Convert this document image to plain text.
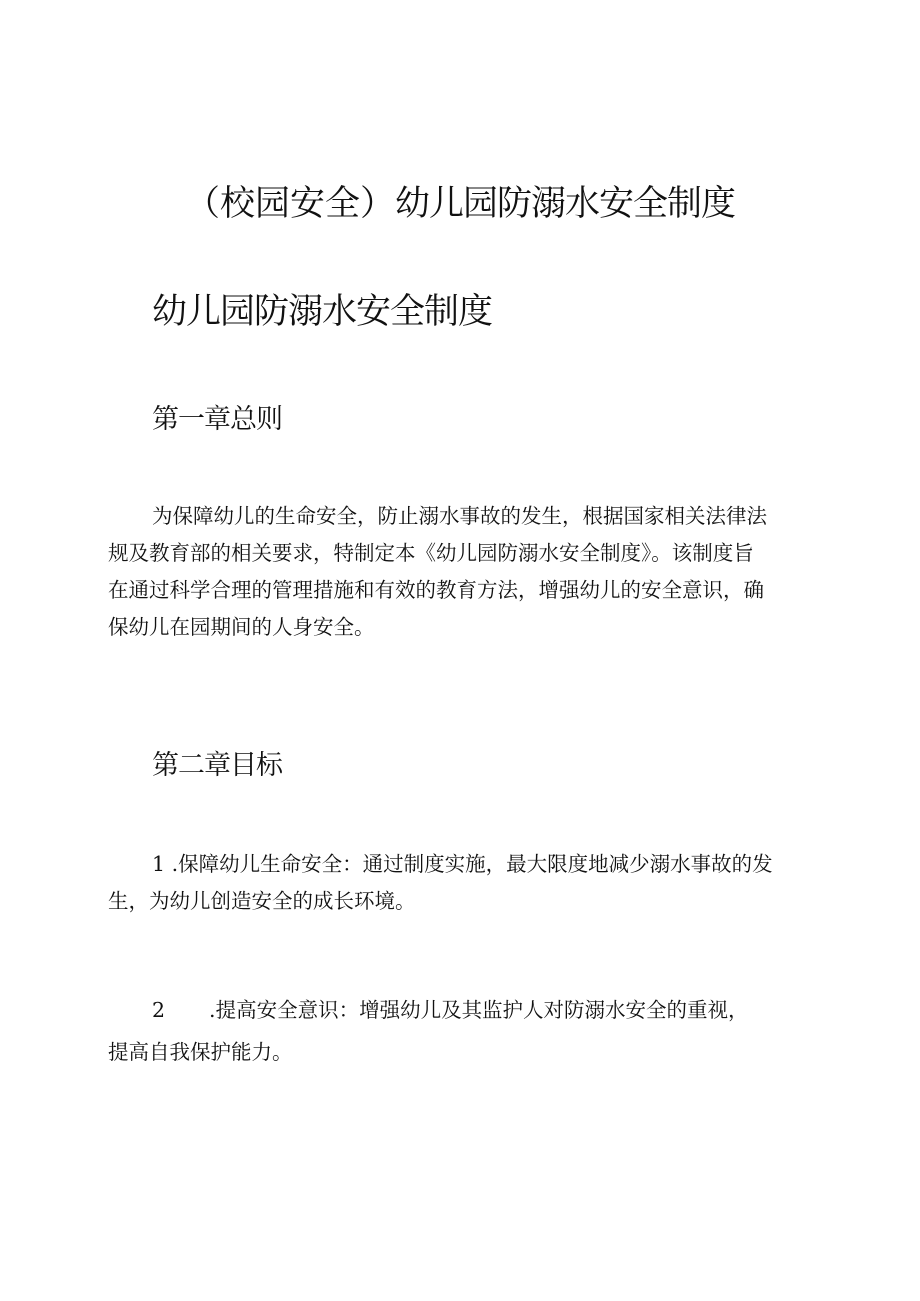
（校园安全）幼儿园防溺水安全制度
幼儿园防溺水安全制度
第一章总则

为保障幼儿的生命安全，防止溺水事故的发生，根据国家相关法律法
规及教育部的相关要求，特制定本《幼儿园防溺水安全制度》。该制度旨
在通过科学合理的管理措施和有效的教育方法，增强幼儿的安全意识，确
保幼儿在园期间的人身安全。

第二章目标

1 .保障幼儿生命安全：通过制度实施，最大限度地减少溺水事故的发
生，为幼儿创造安全的成长环境。

2 .提高安全意识：增强幼儿及其监护人对防溺水安全的重视，
提高自我保护能力。
